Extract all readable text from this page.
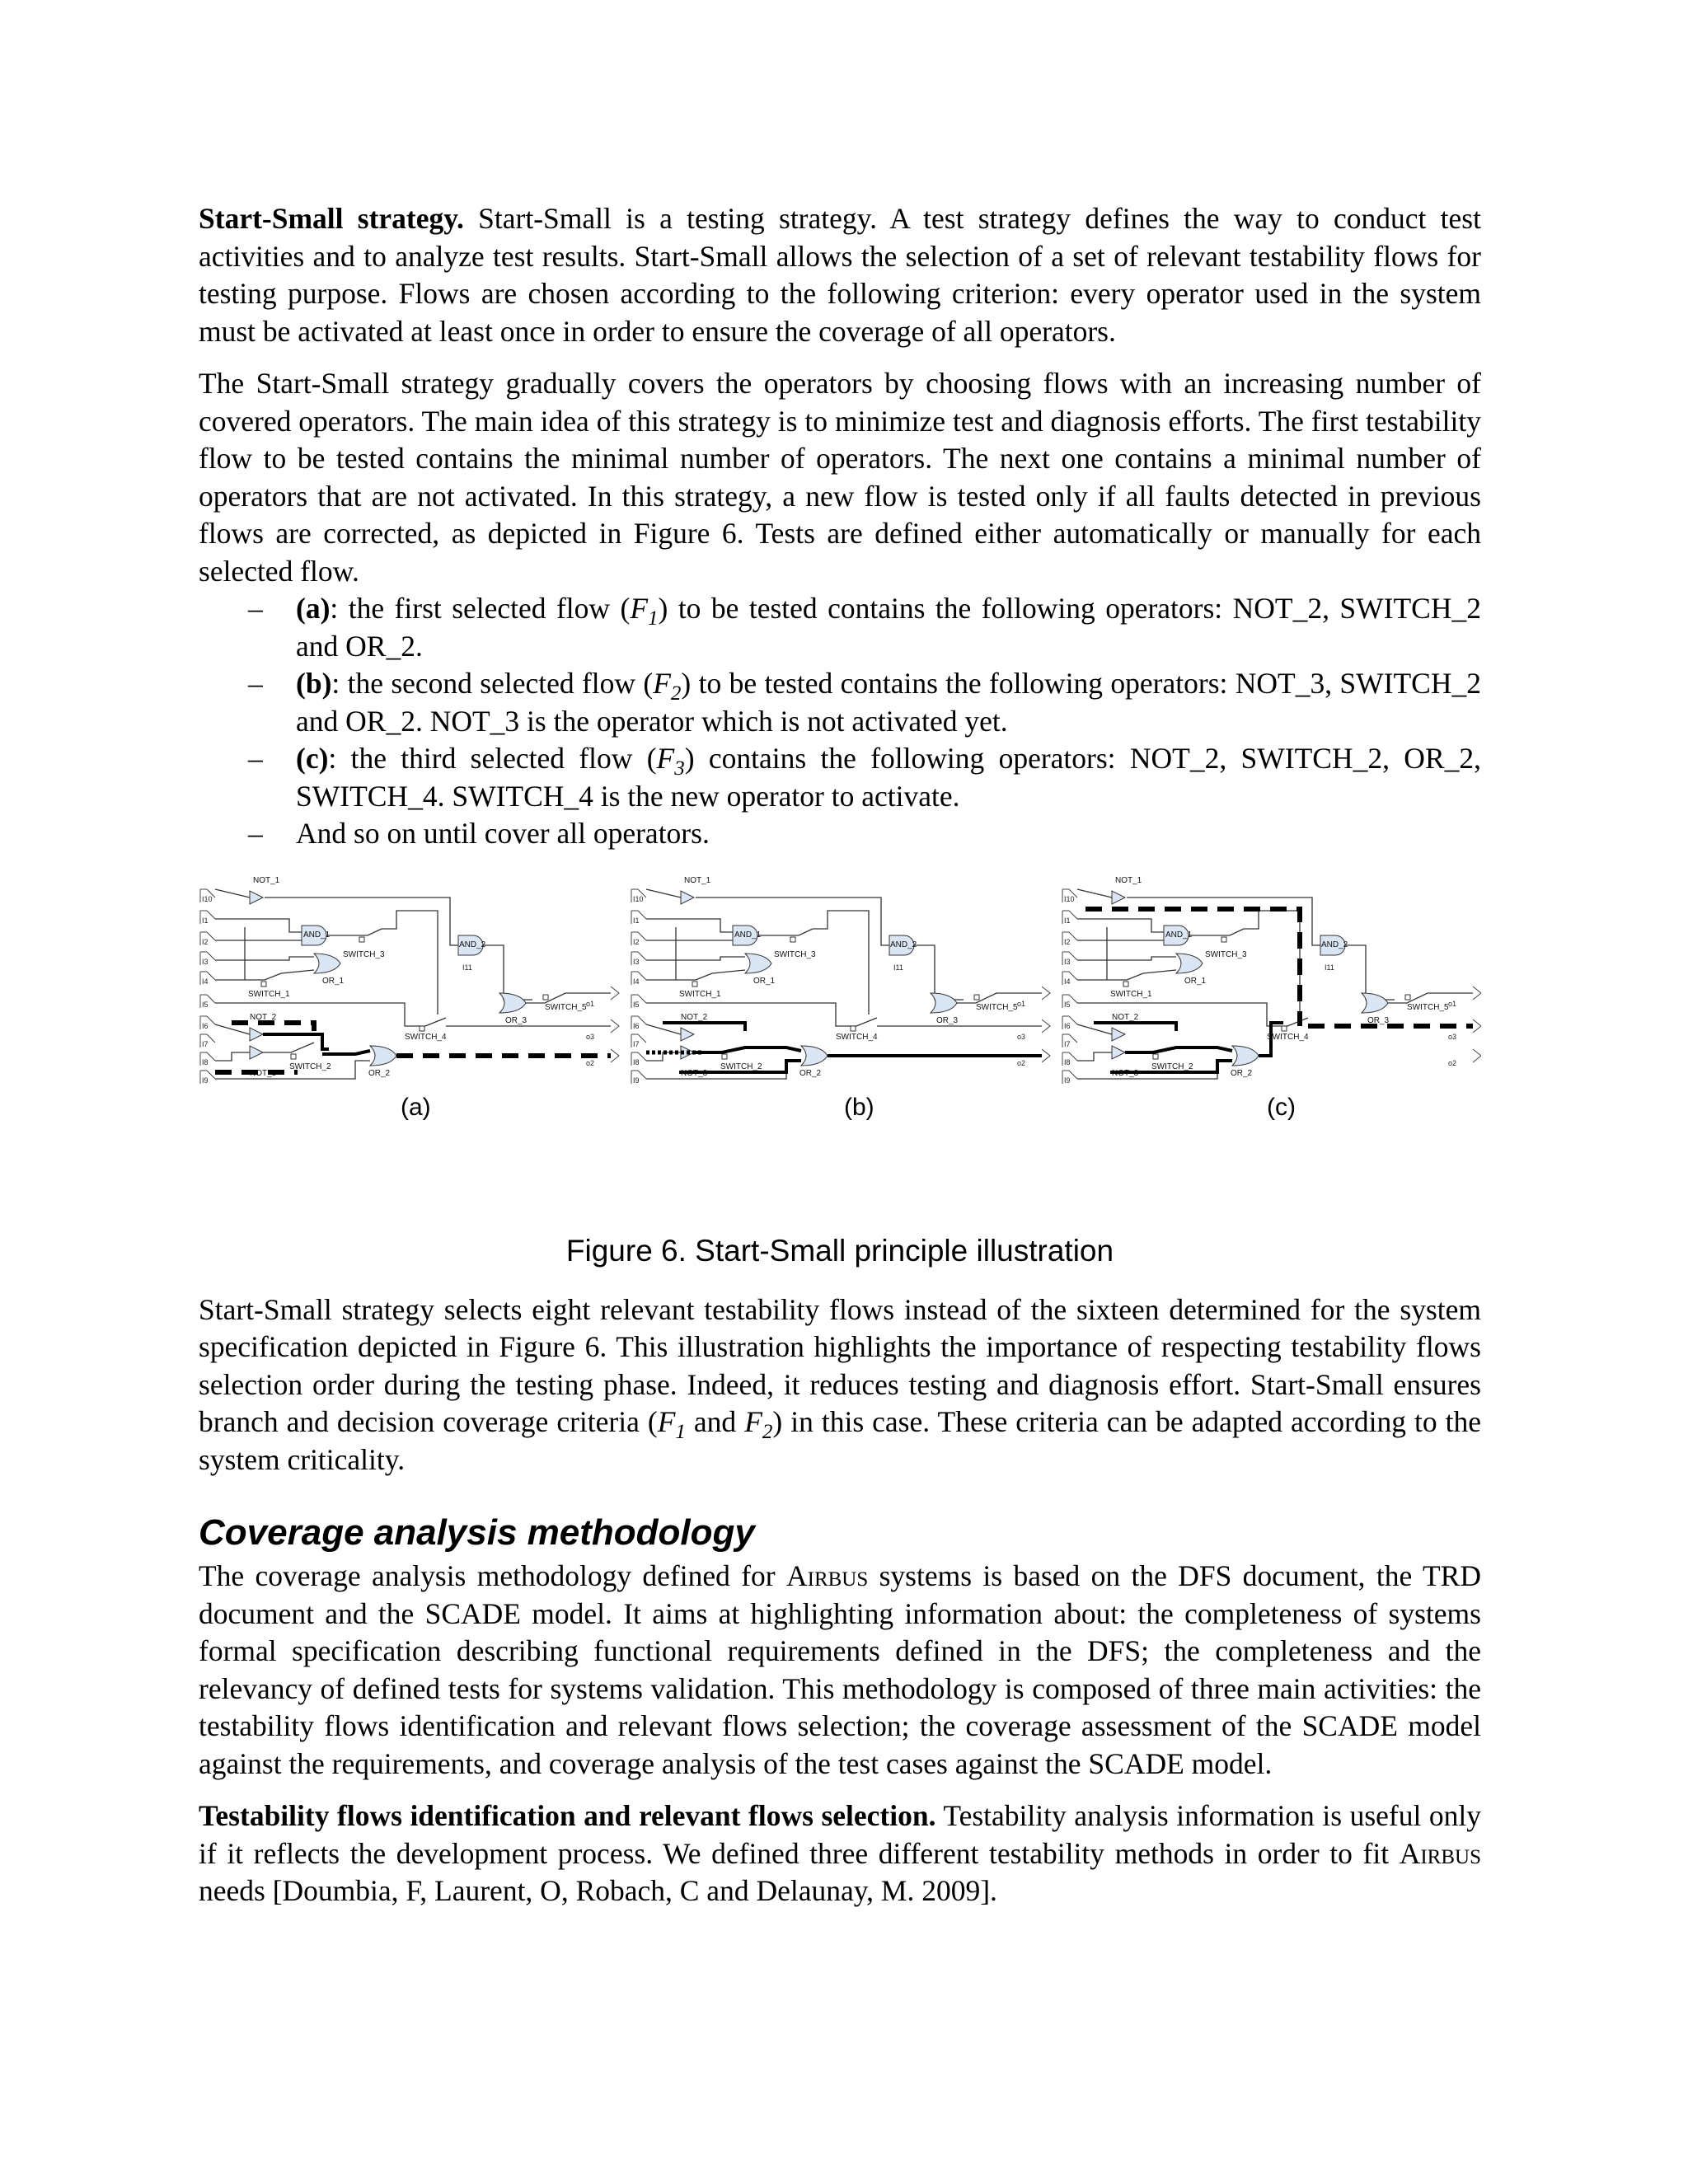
Start-Small strategy. Start-Small is a testing strategy. A test strategy defines the way to conduct test activities and to analyze test results. Start-Small allows the selection of a set of relevant testability flows for testing purpose. Flows are chosen according to the following criterion: every operator used in the system must be activated at least once in order to ensure the coverage of all operators.

The Start-Small strategy gradually covers the operators by choosing flows with an increasing number of covered operators. The main idea of this strategy is to minimize test and diagnosis efforts. The first testability flow to be tested contains the minimal number of operators. The next one contains a minimal number of operators that are not activated. In this strategy, a new flow is tested only if all faults detected in previous flows are corrected, as depicted in Figure 6. Tests are defined either automatically or manually for each selected flow.

– (a): the first selected flow $(F_1)$ to be tested contains the following operators: NOT_2, SWITCH_2 and OR_2.
– (b): the second selected flow $(F_2)$ to be tested contains the following operators: NOT_3, SWITCH_2 and OR_2. NOT_3 is the operator which is not activated yet.
– (c): the third selected flow $(F_3)$ contains the following operators: NOT_2, SWITCH_2, OR_2, SWITCH_4. SWITCH_4 is the new operator to activate.
– And so on until cover all operators.
I10
I1
I2
I3
I4
I5
I6
I7
I8
I9
NOT_1
AND_1
SWITCH_3
AND_2
I11
OR_1
SWITCH_1
OR_3
SWITCH_5 o1
SWITCH_4	o3
NOT_2
NOT_3
SWITCH_2
OR_2
o2
(a)
I10
I1
I2
I3
I4
I5
I6
I7
I8
I9
NOT_1
AND_1
SWITCH_3
AND_2
I11
OR_1
SWITCH_1
OR_3
SWITCH_5 o1
SWITCH_4	o3
NOT_2
NOT_3
SWITCH_2
OR_2
o2
(b)
I10
I1
I2
I3
I4
I5
I6
I7
I8
I9
NOT_1
AND_1
SWITCH_3
AND_2
I11
OR_1
SWITCH_1
OR_3
SWITCH_5 o1
SWITCH_4	o3
NOT_2
NOT_3
SWITCH_2
OR_2
o2
(c)
Figure 6. Start-Small principle illustration

Start-Small strategy selects eight relevant testability flows instead of the sixteen determined for the system specification depicted in Figure 6. This illustration highlights the importance of respecting testability flows selection order during the testing phase. Indeed, it reduces testing and diagnosis effort. Start-Small ensures branch and decision coverage criteria ($F_1$ and $F_2$) in this case. These criteria can be adapted according to the system criticality.

Coverage analysis methodology

The coverage analysis methodology defined for Airbus systems is based on the DFS document, the TRD document and the SCADE model. It aims at highlighting information about: the completeness of systems formal specification describing functional requirements defined in the DFS; the completeness and the relevancy of defined tests for systems validation. This methodology is composed of three main activities: the testability flows identification and relevant flows selection; the coverage assessment of the SCADE model against the requirements, and coverage analysis of the test cases against the SCADE model.

Testability flows identification and relevant flows selection. Testability analysis information is useful only if it reflects the development process. We defined three different testability methods in order to fit Airbus needs [Doumbia, F, Laurent, O, Robach, C and Delaunay, M. 2009].
